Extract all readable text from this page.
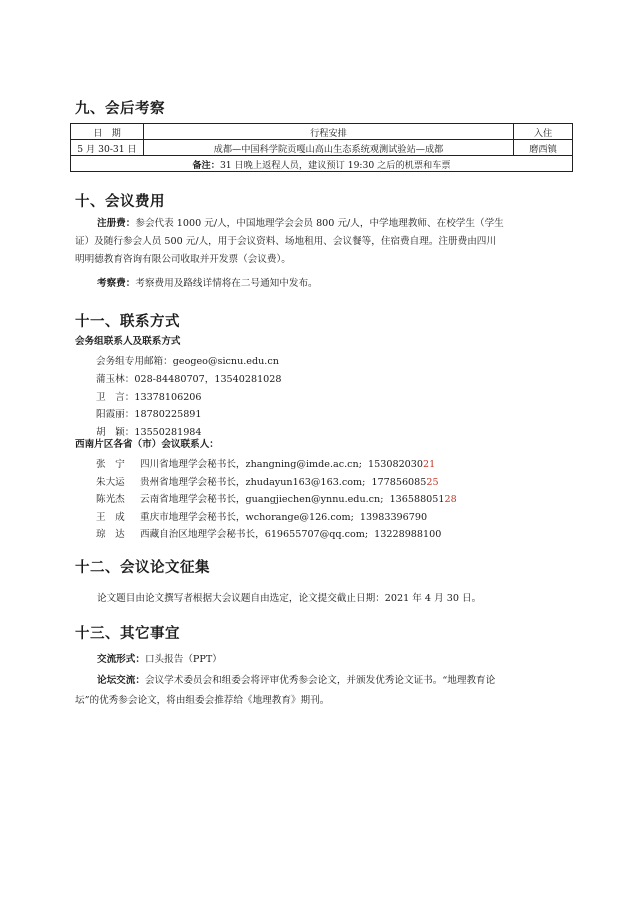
九、会后考察
日　期	行程安排	入住
5 月 30-31 日	成都—中国科学院贡嘎山高山生态系统观测试验站—成都	磨西镇
备注：31 日晚上返程人员，建议预订 19:30 之后的机票和车票		
十、会议费用

注册费：参会代表 1000 元/人，中国地理学会会员 800 元/人，中学地理教师、在校学生（学生

证）及随行参会人员 500 元/人，用于会议资料、场地租用、会议餐等，住宿费自理。注册费由四川

明明德教育咨询有限公司收取并开发票（会议费）。

考察费：考察费用及路线详情将在二号通知中发布。

十一、联系方式

会务组联系人及联系方式

会务组专用邮箱：geogeo@sicnu.edu.cn
蒲玉林：028-84480707，13540281028
卫　言：13378106206
阳霞丽：18780225891
胡　颖：13550281984

西南片区各省（市）会议联系人：

张　宁 四川省地理学会秘书长，zhangning@imde.ac.cn; 15308203021
朱大运 贵州省地理学会秘书长，zhudayun163@163.com; 17785608525
陈光杰 云南省地理学会秘书长，guangjiechen@ynnu.edu.cn; 13658805128
王　成 重庆市地理学会秘书长，wchorange@126.com; 13983396790
琼　达 西藏自治区地理学会秘书长，619655707@qq.com; 13228988100
十二、会议论文征集

论文题目由论文撰写者根据大会议题自由选定，论文提交截止日期：2021 年 4 月 30 日。

十三、其它事宜

交流形式：口头报告（PPT）

论坛交流：会议学术委员会和组委会将评审优秀参会论文，并颁发优秀论文证书。“地理教育论

坛”的优秀参会论文，将由组委会推荐给《地理教育》期刊。
